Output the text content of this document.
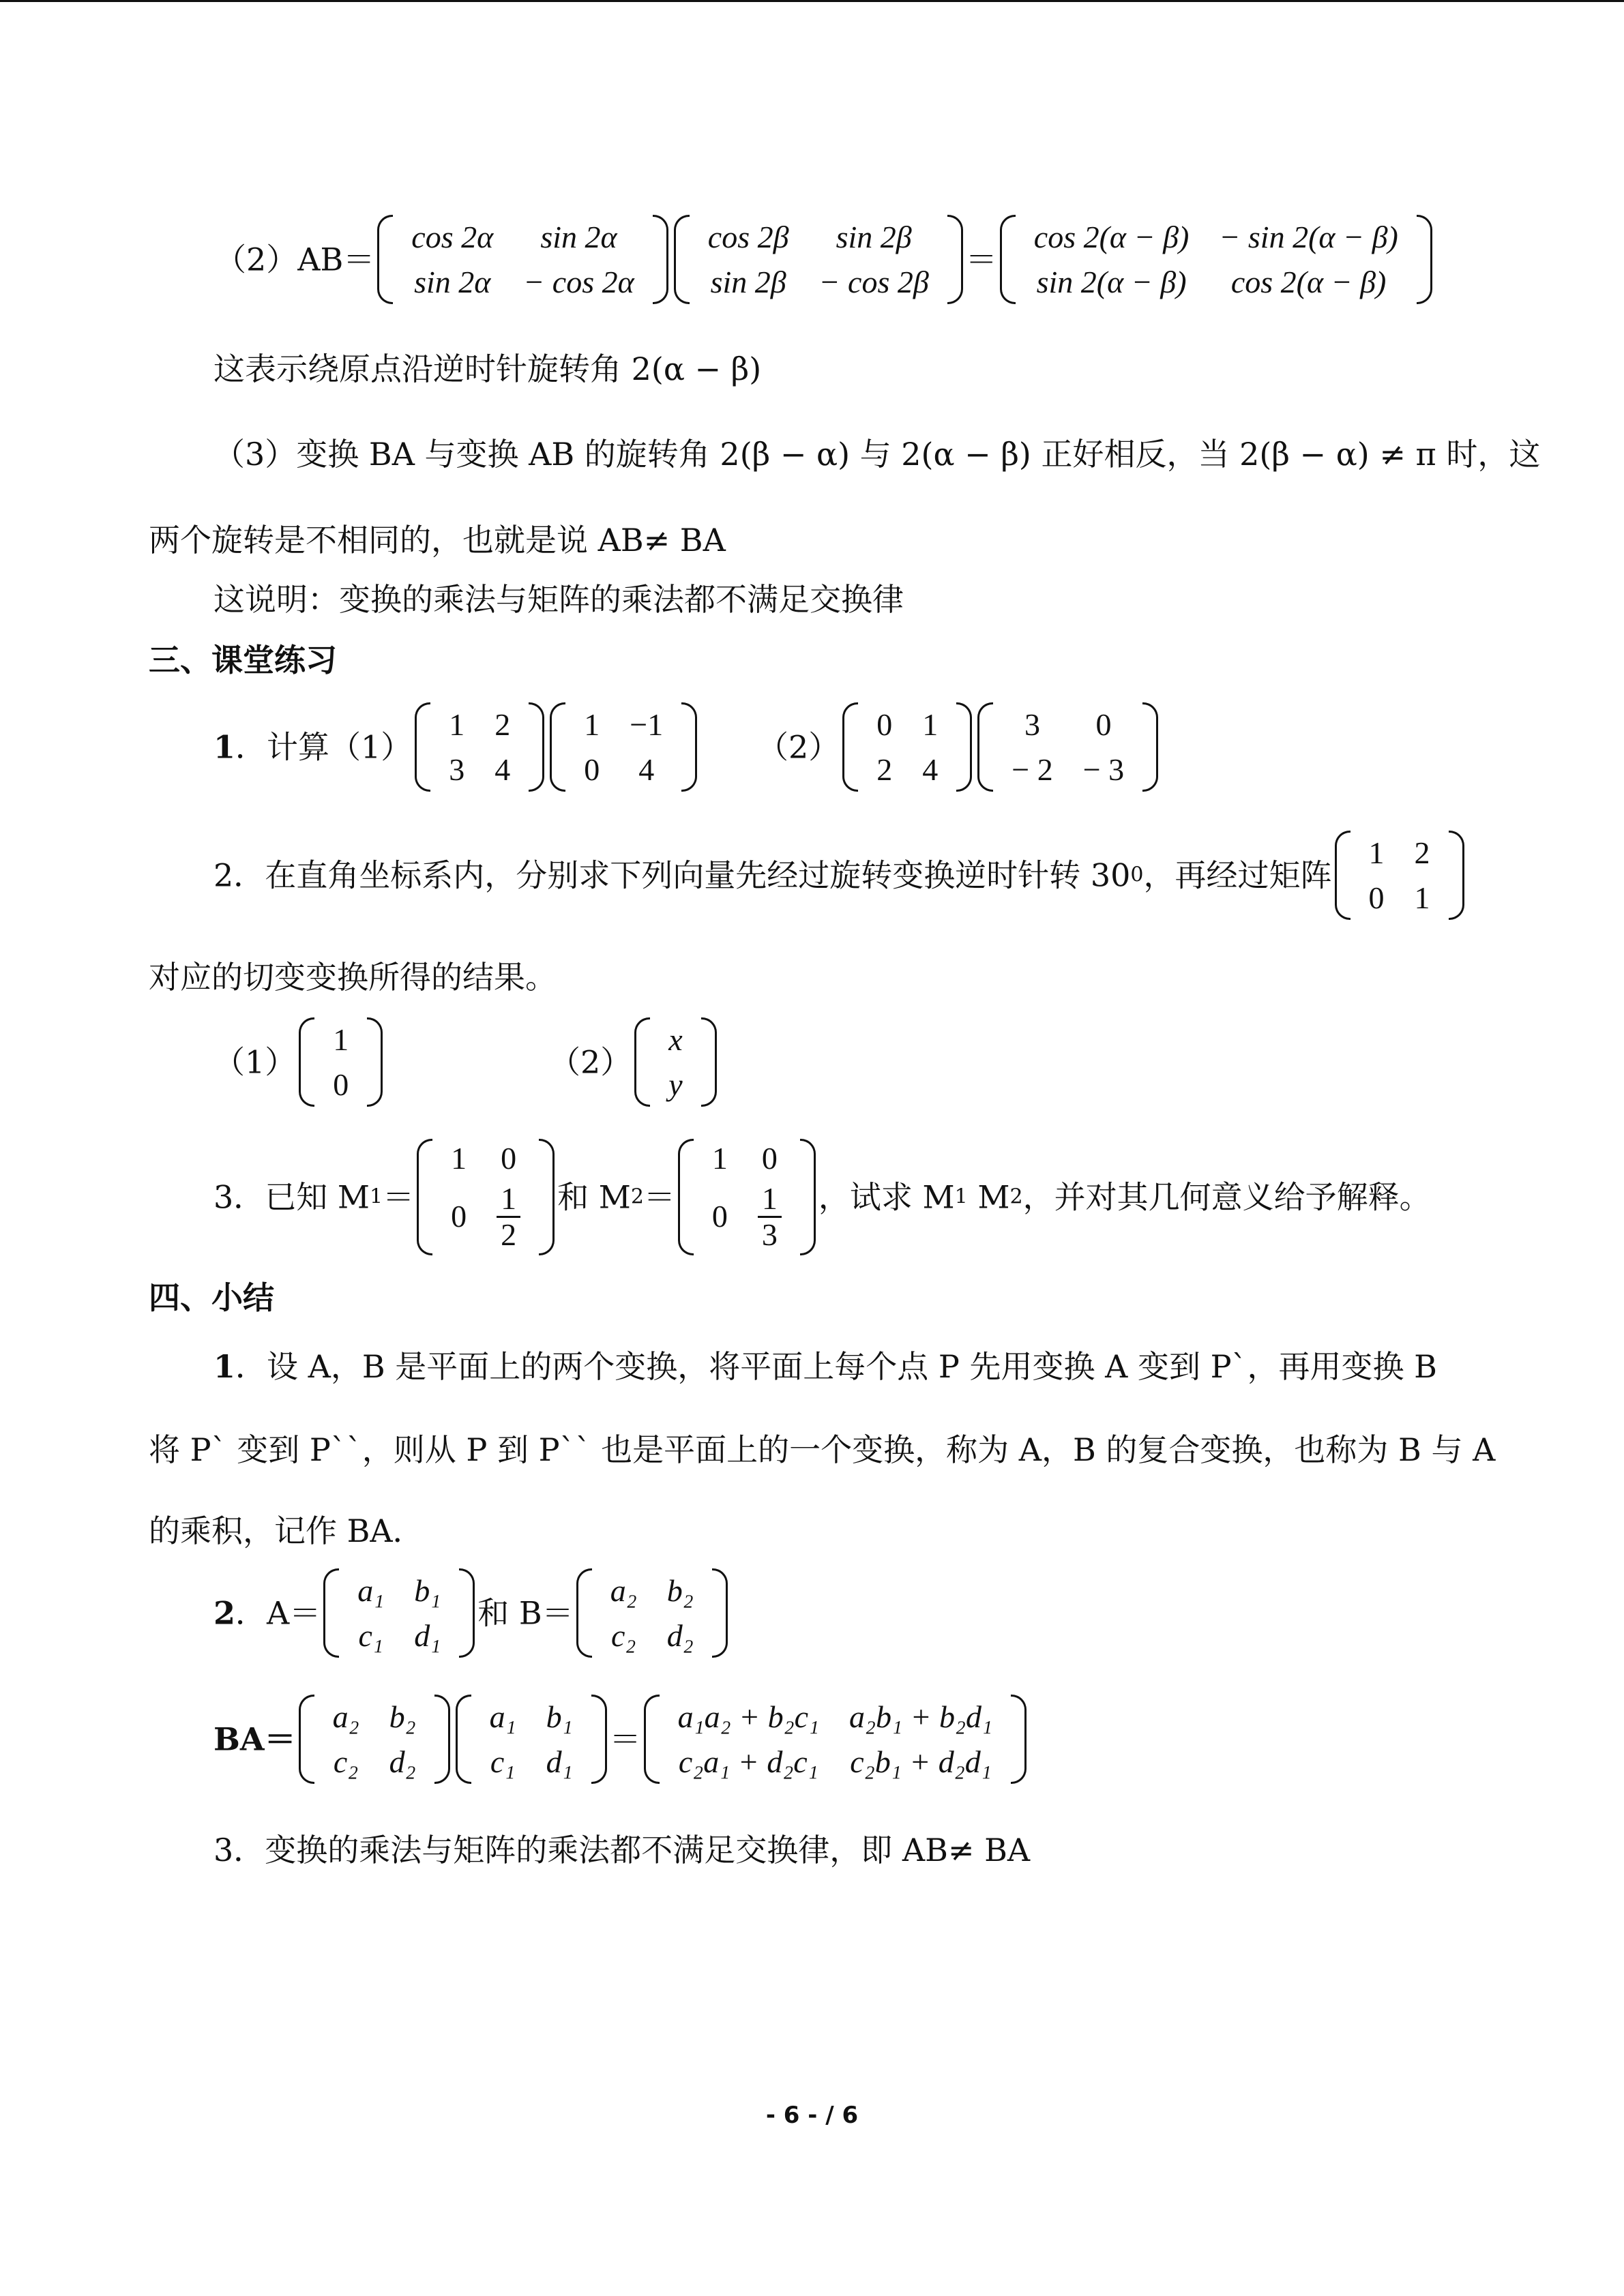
（2）AB＝
cos 2α	sin 2α
sin 2α	− cos 2α
cos 2β	sin 2β
sin 2β	− cos 2β
＝
cos 2(α − β)	− sin 2(α − β)
sin 2(α − β)	cos 2(α − β)
这表示绕原点沿逆时针旋转角 2(α − β)
（3）变换 BA 与变换 AB 的旋转角 2(β − α) 与 2(α − β) 正好相反，当 2(β − α) ≠ π 时，这
两个旋转是不相同的，也就是说 AB≠ BA
这说明：变换的乘法与矩阵的乘法都不满足交换律
三、课堂练习
1．计算（1）
1	2
3	4
1	−1
0	4
（2）
0	1
2	4
3	0
− 2	− 3
2．在直角坐标系内，分别求下列向量先经过旋转变换逆时针转 300，再经过矩阵
1	2
0	1
对应的切变变换所得的结果。
（1）
1
0
（2）
x
y
3．已知 M1＝
1	0
0	$\frac{1}{2}$ 和 M2＝
1	0
0	$\frac{1}{3}$ ，试求 M1 M2，并对其几何意义给予解释。
四、小结
1．设 A，B 是平面上的两个变换，将平面上每个点 P 先用变换 A 变到 P`，再用变换 B
将 P` 变到 P``，则从 P 到 P`` 也是平面上的一个变换，称为 A，B 的复合变换，也称为 B 与 A
的乘积，记作 BA．
2．A＝
a₁	b₁
c₁	d₁
和 B＝
a₂	b₂
c₂	d₂
BA＝
a₂	b₂
c₂	d₂
a₁	b₁
c₁	d₁
＝
a₁a₂ + b₂c₁	a₂b₁ + b₂d₁
c₂a₁ + d₂c₁	c₂b₁ + d₂d₁
3．变换的乘法与矩阵的乘法都不满足交换律，即 AB≠ BA
- 6 - / 6
